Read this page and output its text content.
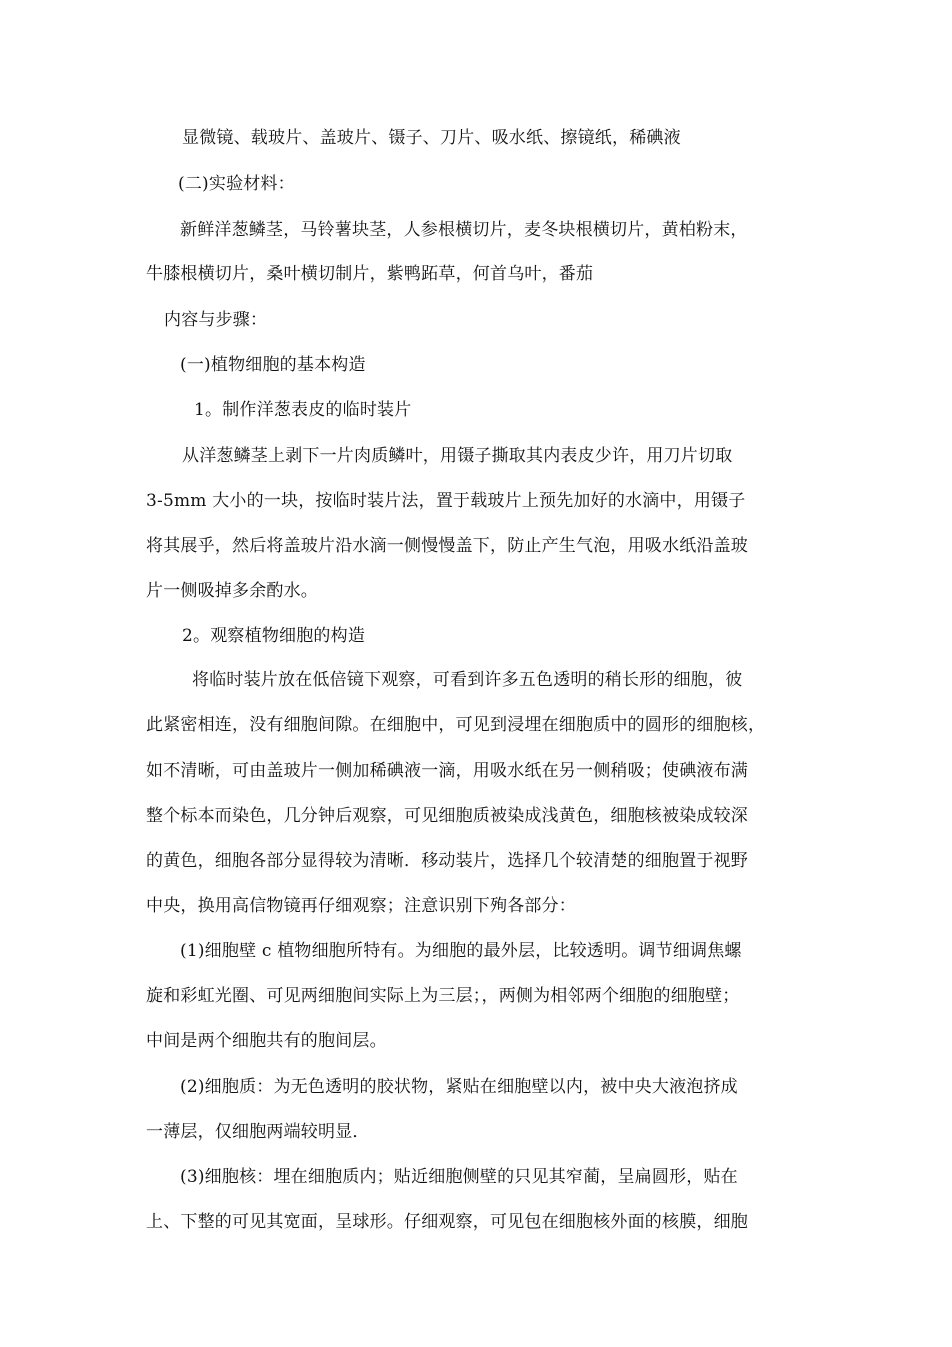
显微镜、载玻片、盖玻片、镊子、刀片、吸水纸、擦镜纸，稀碘液
(二)实验材料：
新鲜洋葱鳞茎，马铃薯块茎，人参根横切片，麦冬块根横切片，黄柏粉末，
牛膝根横切片，桑叶横切制片，紫鸭跖草，何首乌叶，番茄
内容与步骤：
(一)植物细胞的基本构造
1。制作洋葱表皮的临时装片
从洋葱鳞茎上剥下一片肉质鳞叶，用镊子撕取其内表皮少许，用刀片切取
3-5mm 大小的一块，按临时装片法，置于载玻片上预先加好的水滴中，用镊子
将其展乎，然后将盖玻片沿水滴一侧慢慢盖下，防止产生气泡，用吸水纸沿盖玻
片一侧吸掉多余酌水。
2。观察植物细胞的构造
将临时装片放在低倍镜下观察，可看到许多五色透明的稍长形的细胞，彼
此紧密相连，没有细胞间隙。在细胞中，可见到浸埋在细胞质中的圆形的细胞核，
如不清晰，可由盖玻片一侧加稀碘液一滴，用吸水纸在另一侧稍吸；使碘液布满
整个标本而染色，几分钟后观察，可见细胞质被染成浅黄色，细胞核被染成较深
的黄色，细胞各部分显得较为清晰．移动装片，选择几个较清楚的细胞置于视野
中央，换用高信物镜再仔细观察；注意识别下殉各部分：
(1)细胞壁 c 植物细胞所特有。为细胞的最外层，比较透明。调节细调焦螺
旋和彩虹光圈、可见两细胞间实际上为三层；，两侧为相邻两个细胞的细胞壁；
中间是两个细胞共有的胞间层。
(2)细胞质：为无色透明的胶状物，紧贴在细胞壁以内，被中央大液泡挤成
一薄层，仅细胞两端较明显．
(3)细胞核：埋在细胞质内；贴近细胞侧壁的只见其窄蔺，呈扁圆形，贴在
上、下整的可见其宽面，呈球形。仔细观察，可见包在细胞核外面的核膜，细胞
